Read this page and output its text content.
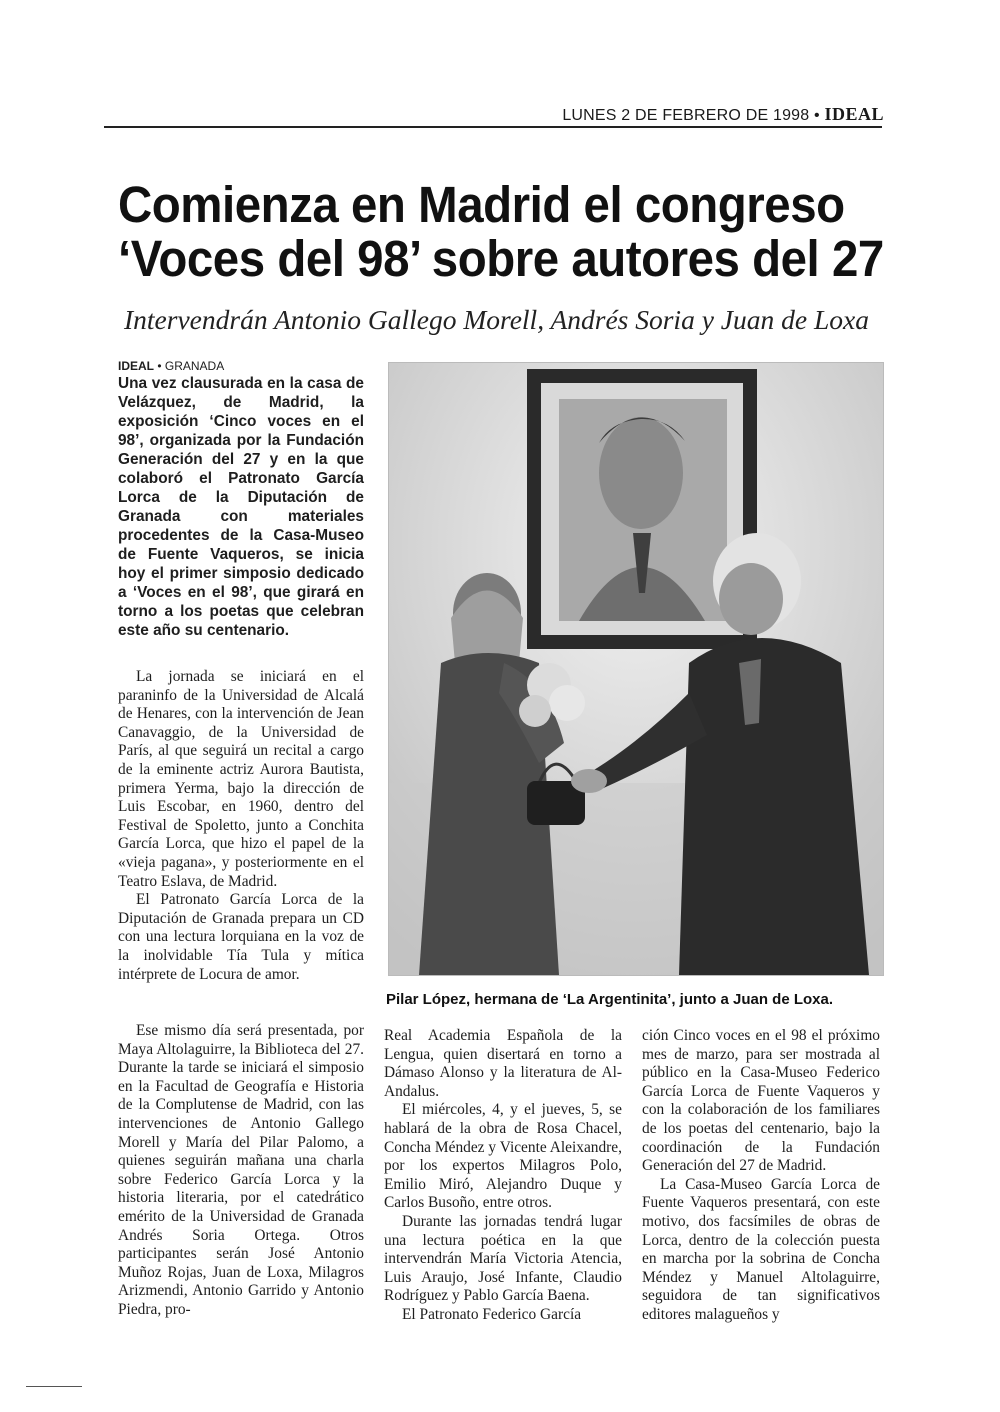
LUNES 2 DE FEBRERO DE 1998 • IDEAL
Comienza en Madrid el congreso
‘Voces del 98’ sobre autores del 27
Intervendrán Antonio Gallego Morell, Andrés Soria y Juan de Loxa
IDEAL • GRANADA

Una vez clausurada en la casa de Velázquez, de Madrid, la exposición ‘Cinco voces en el 98’, organizada por la Fundación Generación del 27 y en la que colaboró el Patronato García Lorca de la Diputación de Granada con materiales procedentes de la Casa-Museo de Fuente Vaqueros, se inicia hoy el primer simposio dedicado a ‘Voces en el 98’, que girará en torno a los poetas que celebran este año su centenario.

La jornada se iniciará en el paraninfo de la Universidad de Alcalá de Henares, con la intervención de Jean Canavaggio, de la Universidad de París, al que seguirá un recital a cargo de la eminente actriz Aurora Bautista, primera Yerma, bajo la dirección de Luis Escobar, en 1960, dentro del Festival de Spoletto, junto a Conchita García Lorca, que hizo el papel de la «vieja pagana», y posteriormente en el Teatro Eslava, de Madrid.

El Patronato García Lorca de la Diputación de Granada prepara un CD con una lectura lorquiana en la voz de la inolvidable Tía Tula y mítica intérprete de Locura de amor.

Ese mismo día será presentada, por Maya Altolaguirre, la Biblioteca del 27. Durante la tarde se iniciará el simposio en la Facultad de Geografía e Historia de la Complutense de Madrid, con las intervenciones de Antonio Gallego Morell y María del Pilar Palomo, a quienes seguirán mañana una charla sobre Federico García Lorca y la historia literaria, por el catedrático emérito de la Universidad de Granada Andrés Soria Ortega. Otros participantes serán José Antonio Muñoz Rojas, Juan de Loxa, Milagros Arizmendi, Antonio Garrido y Antonio Piedra, pro-

Pilar López, hermana de ‘La Argentinita’, junto a Juan de Loxa.

Real Academia Española de la Lengua, quien disertará en torno a Dámaso Alonso y la literatura de Al-Andalus.

El miércoles, 4, y el jueves, 5, se hablará de la obra de Rosa Chacel, Concha Méndez y Vicente Aleixandre, por los expertos Milagros Polo, Emilio Miró, Alejandro Duque y Carlos Busoño, entre otros.

Durante las jornadas tendrá lugar una lectura poética en la que intervendrán María Victoria Atencia, Luis Araujo, José Infante, Claudio Rodríguez y Pablo García Baena.

El Patronato Federico García

ción Cinco voces en el 98 el próximo mes de marzo, para ser mostrada al público en la Casa-Museo Federico García Lorca de Fuente Vaqueros y con la colaboración de los familiares de los poetas del centenario, bajo la coordinación de la Fundación Generación del 27 de Madrid.

La Casa-Museo García Lorca de Fuente Vaqueros presentará, con este motivo, dos facsímiles de obras de Lorca, dentro de la colección puesta en marcha por la sobrina de Concha Méndez y Manuel Altolaguirre, seguidora de tan significativos editores malagueños y
